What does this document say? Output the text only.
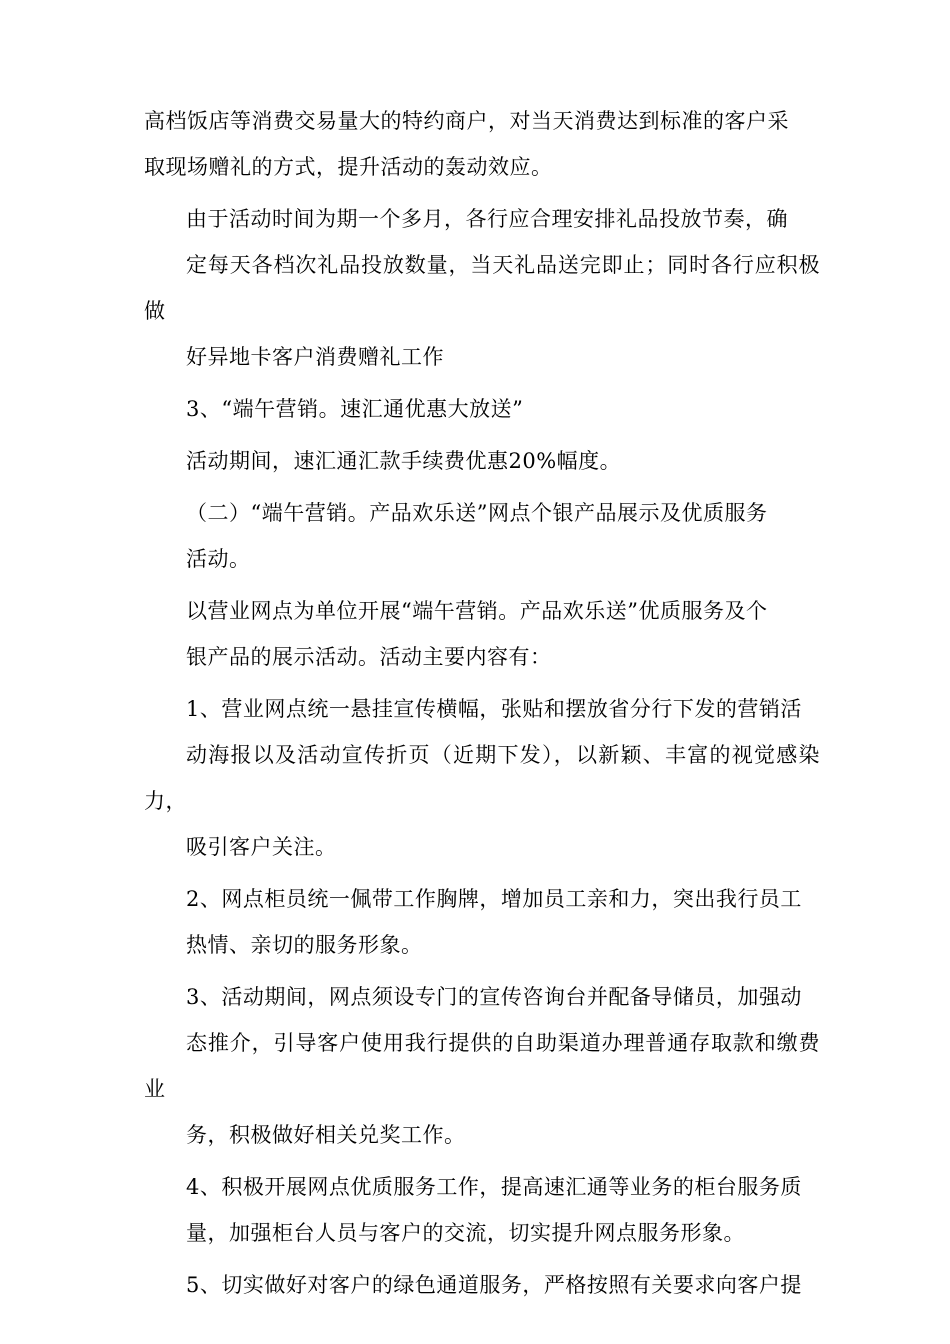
高档饭店等消费交易量大的特约商户，对当天消费达到标准的客户采
取现场赠礼的方式，提升活动的轰动效应。

由于活动时间为期一个多月，各行应合理安排礼品投放节奏，确
定每天各档次礼品投放数量，当天礼品送完即止；同时各行应积极做
好异地卡客户消费赠礼工作

3、“端午营销。速汇通优惠大放送”

活动期间，速汇通汇款手续费优惠20%幅度。

（二）“端午营销。产品欢乐送”网点个银产品展示及优质服务
活动。

以营业网点为单位开展“端午营销。产品欢乐送”优质服务及个
银产品的展示活动。活动主要内容有：

1、营业网点统一悬挂宣传横幅，张贴和摆放省分行下发的营销活
动海报以及活动宣传折页（近期下发），以新颖、丰富的视觉感染力，
吸引客户关注。

2、网点柜员统一佩带工作胸牌，增加员工亲和力，突出我行员工
热情、亲切的服务形象。

3、活动期间，网点须设专门的宣传咨询台并配备导储员，加强动
态推介，引导客户使用我行提供的自助渠道办理普通存取款和缴费业
务，积极做好相关兑奖工作。

4、积极开展网点优质服务工作，提高速汇通等业务的柜台服务质
量，加强柜台人员与客户的交流，切实提升网点服务形象。

5、切实做好对客户的绿色通道服务，严格按照有关要求向客户提
